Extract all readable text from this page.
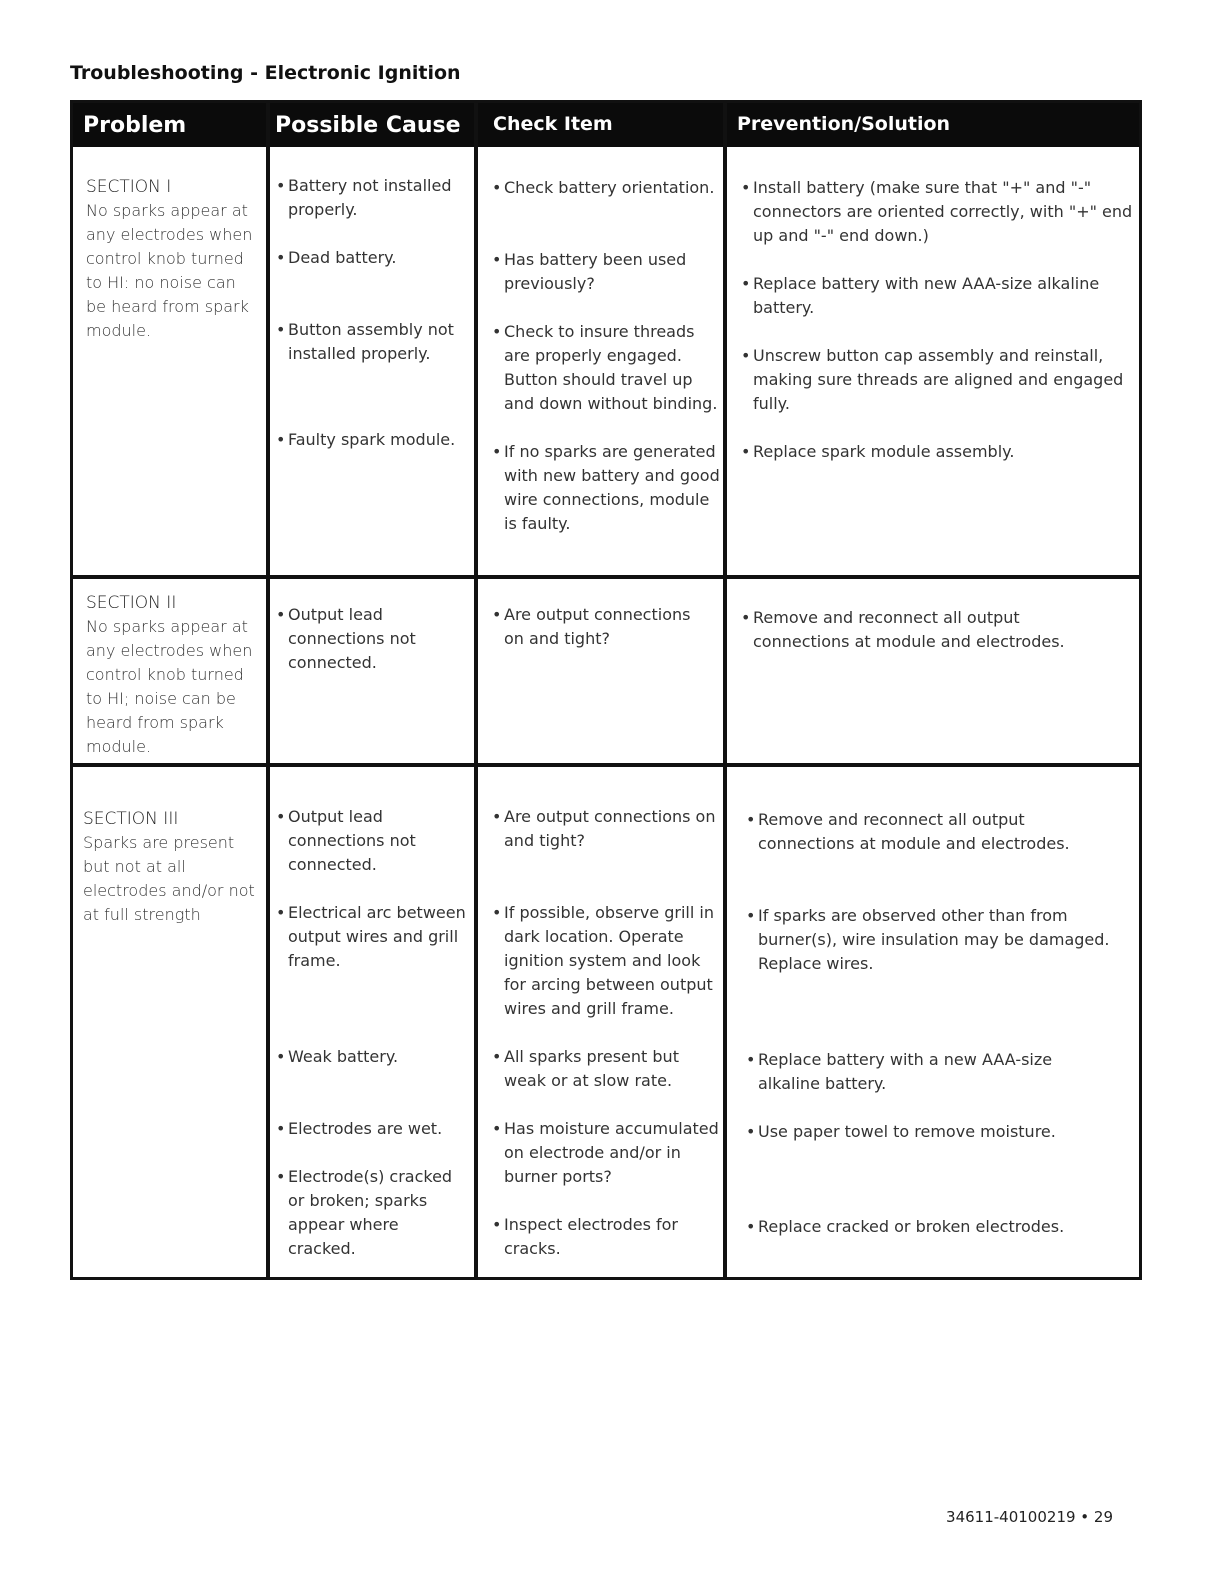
Troubleshooting - Electronic Ignition
Problem	Possible Cause Check Item	Prevention/Solution
SECTION I
No sparks appear at any electrodes when control knob turned to HI: no noise can be heard from spark module.
• Battery not installed properly.
• Dead battery.
• Button assembly not installed properly.
• Faulty spark module.
• Check battery orientation.
• Has battery been used previously?
• Check to insure threads are properly engaged. Button should travel up and down without binding.
• If no sparks are generated with new battery and good wire connections, module is faulty.
• Install battery (make sure that "+" and "-" connectors are oriented correctly, with "+" end up and "-" end down.)
• Replace battery with new AAA-size alkaline battery.
• Unscrew button cap assembly and reinstall, making sure threads are aligned and engaged fully.
• Replace spark module assembly.
SECTION II
No sparks appear at any electrodes when control knob turned to HI; noise can be heard from spark module.
• Output lead connections not connected.
• Are output connections on and tight?
• Remove and reconnect all output connections at module and electrodes.
SECTION III
Sparks are present but not at all electrodes and/or not at full strength
• Output lead connections not connected.
• Electrical arc between output wires and grill frame.
• Weak battery.
• Electrodes are wet.
• Electrode(s) cracked or broken; sparks appear where cracked.
• Are output connections on and tight?
• If possible, observe grill in dark location. Operate ignition system and look for arcing between output wires and grill frame.
• All sparks present but weak or at slow rate.
• Has moisture accumulated on electrode and/or in burner ports?
• Inspect electrodes for cracks.
• Remove and reconnect all output connections at module and electrodes.
• If sparks are observed other than from burner(s), wire insulation may be damaged. Replace wires.
• Replace battery with a new AAA-size alkaline battery.
• Use paper towel to remove moisture.
• Replace cracked or broken electrodes.
34611-40100219 • 29
